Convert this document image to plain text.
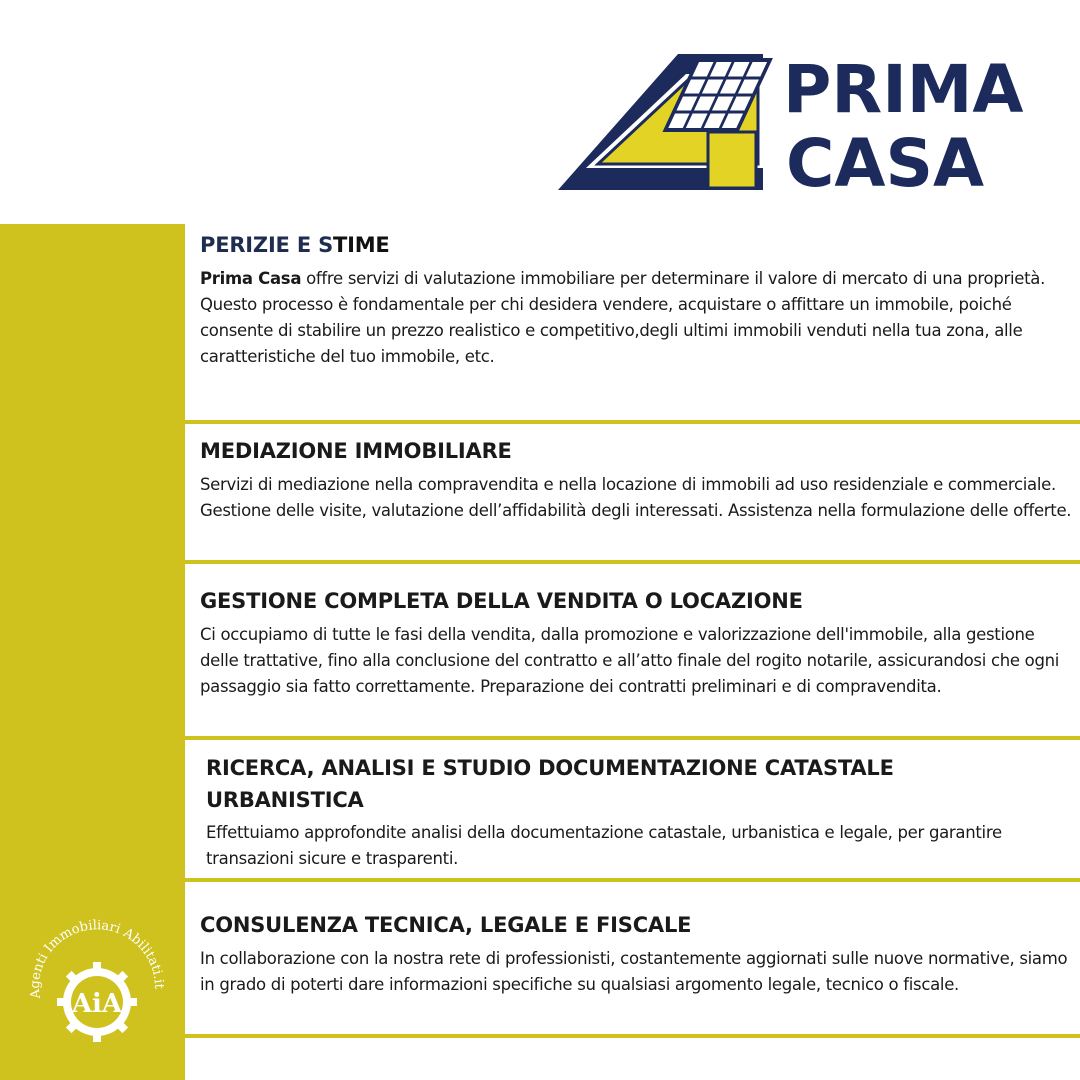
PRIMA
CASA
PERIZIE E STIME

Prima Casa offre servizi di valutazione immobiliare per determinare il valore di mercato di una proprietà. Questo processo è fondamentale per chi desidera vendere, acquistare o affittare un immobile, poiché consente di stabilire un prezzo realistico e competitivo,degli ultimi immobili venduti nella tua zona, alle caratteristiche del tuo immobile, etc.

MEDIAZIONE IMMOBILIARE

Servizi di mediazione nella compravendita e nella locazione di immobili ad uso residenziale e commerciale. Gestione delle visite, valutazione dell’affidabilità degli interessati. Assistenza nella formulazione delle offerte.

GESTIONE COMPLETA DELLA VENDITA O LOCAZIONE

Ci occupiamo di tutte le fasi della vendita, dalla promozione e valorizzazione dell'immobile, alla gestione delle trattative, fino alla conclusione del contratto e all’atto finale del rogito notarile, assicurandosi che ogni passaggio sia fatto correttamente. Preparazione dei contratti preliminari e di compravendita.

RICERCA, ANALISI E STUDIO DOCUMENTAZIONE CATASTALE URBANISTICA

Effettuiamo approfondite analisi della documentazione catastale, urbanistica e legale, per garantire transazioni sicure e trasparenti.

CONSULENZA TECNICA, LEGALE E FISCALE

In collaborazione con la nostra rete di professionisti, costantemente aggiornati sulle nuove normative, siamo in grado di poterti dare informazioni specifiche su qualsiasi argomento legale, tecnico o fiscale.

Agenti Immobiliari Abilitati.it
AiA
